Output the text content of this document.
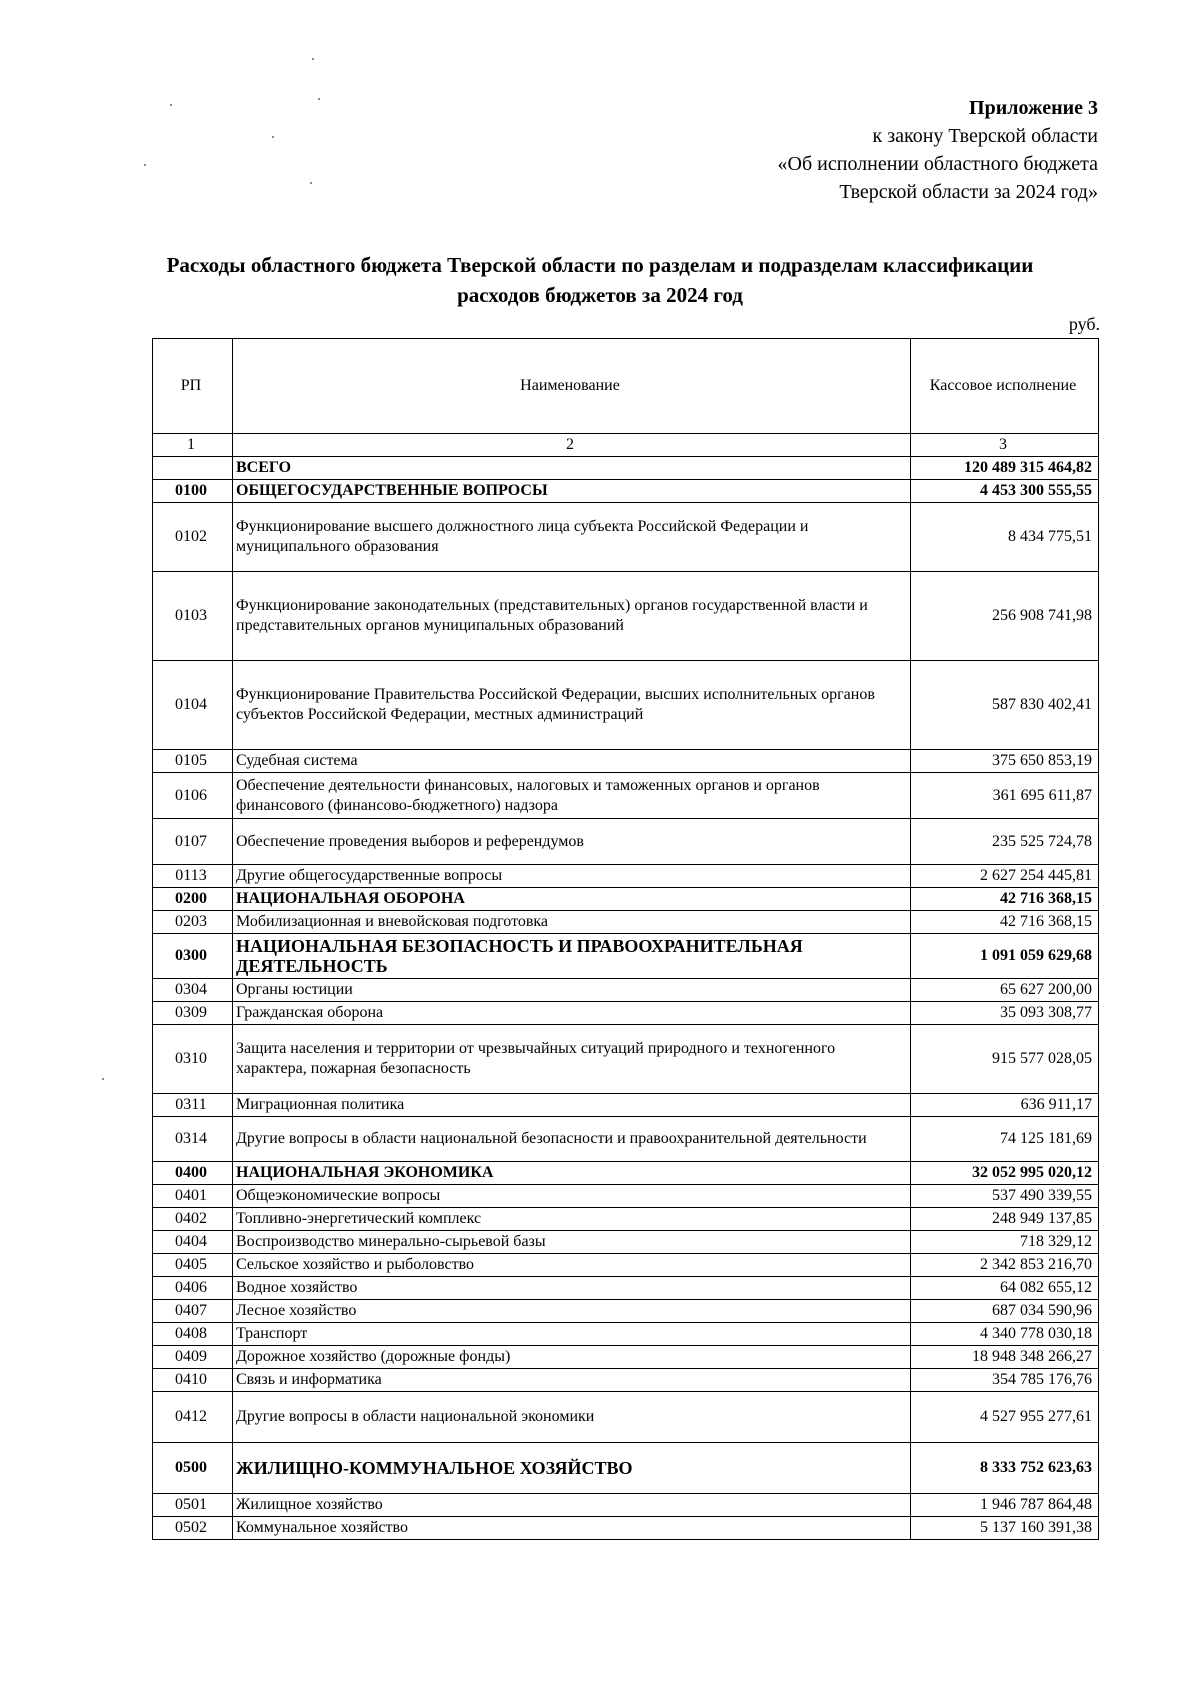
Приложение 3
к закону Тверской области
«Об исполнении областного бюджета
Тверской области за 2024 год»
Расходы областного бюджета Тверской области по разделам и подразделам классификации
расходов бюджетов за 2024 год
руб.
РП	Наименование	Кассовое исполнение
1	2	3
	ВСЕГО	120 489 315 464,82
0100	ОБЩЕГОСУДАРСТВЕННЫЕ ВОПРОСЫ	4 453 300 555,55
0102	Функционирование высшего должностного лица субъекта Российской Федерации и муниципального образования	8 434 775,51
0103	Функционирование законодательных (представительных) органов государственной власти и представительных органов муниципальных образований	256 908 741,98
0104	Функционирование Правительства Российской Федерации, высших исполнительных органов субъектов Российской Федерации, местных администраций	587 830 402,41
0105	Судебная система	375 650 853,19
0106	Обеспечение деятельности финансовых, налоговых и таможенных органов и органов финансового (финансово-бюджетного) надзора	361 695 611,87
0107	Обеспечение проведения выборов и референдумов	235 525 724,78
0113	Другие общегосударственные вопросы	2 627 254 445,81
0200	НАЦИОНАЛЬНАЯ ОБОРОНА	42 716 368,15
0203	Мобилизационная и вневойсковая подготовка	42 716 368,15
0300	НАЦИОНАЛЬНАЯ БЕЗОПАСНОСТЬ И ПРАВООХРАНИТЕЛЬНАЯ ДЕЯТЕЛЬНОСТЬ	1 091 059 629,68
0304	Органы юстиции	65 627 200,00
0309	Гражданская оборона	35 093 308,77
0310	Защита населения и территории от чрезвычайных ситуаций природного и техногенного характера, пожарная безопасность	915 577 028,05
0311	Миграционная политика	636 911,17
0314	Другие вопросы в области национальной безопасности и правоохранительной деятельности	74 125 181,69
0400	НАЦИОНАЛЬНАЯ ЭКОНОМИКА	32 052 995 020,12
0401	Общеэкономические вопросы	537 490 339,55
0402	Топливно-энергетический комплекс	248 949 137,85
0404	Воспроизводство минерально-сырьевой базы	718 329,12
0405	Сельское хозяйство и рыболовство	2 342 853 216,70
0406	Водное хозяйство	64 082 655,12
0407	Лесное хозяйство	687 034 590,96
0408	Транспорт	4 340 778 030,18
0409	Дорожное хозяйство (дорожные фонды)	18 948 348 266,27
0410	Связь и информатика	354 785 176,76
0412	Другие вопросы в области национальной экономики	4 527 955 277,61
0500	ЖИЛИЩНО-КОММУНАЛЬНОЕ ХОЗЯЙСТВО	8 333 752 623,63
0501	Жилищное хозяйство	1 946 787 864,48
0502	Коммунальное хозяйство	5 137 160 391,38
